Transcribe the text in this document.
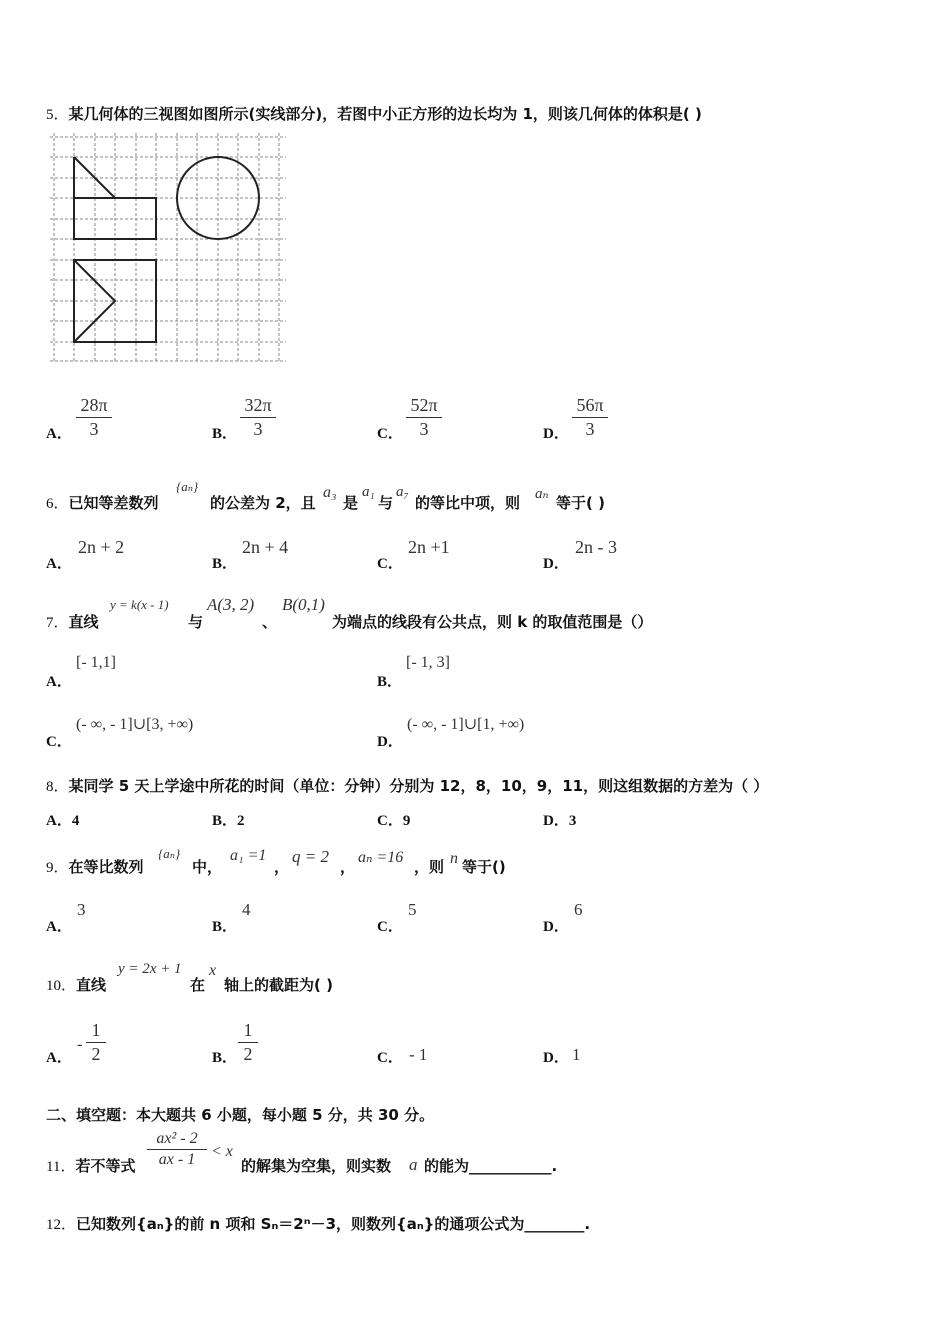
5．某几何体的三视图如图所示(实线部分)，若图中小正方形的边长均为 1，则该几何体的体积是( )
A． $\frac{28\pi}{3}$	B． $\frac{32\pi}{3}$	C． $\frac{52\pi}{3}$	D． $\frac{56\pi}{3}$
6．已知等差数列
{aₙ}
的公差为 2，且
a₃
是
a₁
与
a₇
的等比中项，则 aₙ 等于( )
A．
2n + 2
B．
2n + 4
C．
2n +1
D．
2n - 3
7．直线
y = k(x - 1)
与
A(3, 2)
、
B(0,1)
为端点的线段有公共点，则 k 的取值范围是（）
A．
[- 1,1]
B．
[- 1, 3]
C．
(- ∞, - 1]∪[3, +∞)
D．
(- ∞, - 1]∪[1, +∞)
8．某同学 5 天上学途中所花的时间（单位：分钟）分别为 12，8，10，9，11，则这组数据的方差为（ ）
A．4	B．2	C．9	D．3
9．在等比数列
{aₙ}
中，
a₁ =1
，
q = 2
，
aₙ =16
，则 n 等于()
A．
3
B．
4
C．
5
D．
6
10．直线
y = 2x + 1
在
x
轴上的截距为( )
A．
- $\frac{1}{2}$	B． $\frac{1}{2}$	C． - 1	D． 1
二、填空题：本大题共 6 小题，每小题 5 分，共 30 分。
11．若不等式 $\frac{\text{ax² - 2}}{ax - 1} < x$
的解集为空集，则实数 a 的能为___________.
12．已知数列{aₙ}的前 n 项和 Sₙ＝2ⁿ－3，则数列{aₙ}的通项公式为________.
